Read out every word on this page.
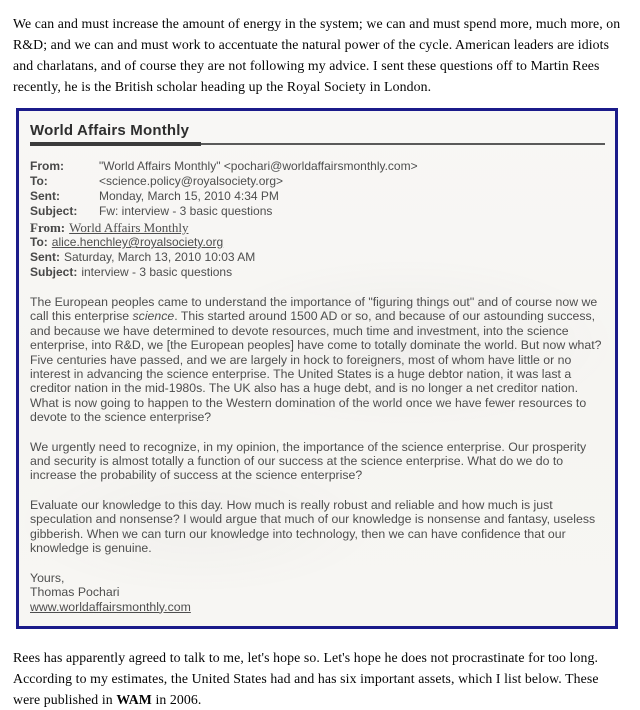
We can and must increase the amount of energy in the system; we can and must spend more, much more, on R&D; and we can and must work to accentuate the natural power of the cycle. American leaders are idiots and charlatans, and of course they are not following my advice. I sent these questions off to Martin Rees recently, he is the British scholar heading up the Royal Society in London.

World Affairs Monthly
From:	"World Affairs Monthly" <pochari@worldaffairsmonthly.com>
To:	<science.policy@royalsociety.org>
Sent:	Monday, March 15, 2010 4:34 PM
Subject: Fw: interview - 3 basic questions
From: World Affairs Monthly
To: alice.henchley@royalsociety.org
Sent: Saturday, March 13, 2010 10:03 AM
Subject: interview - 3 basic questions

The European peoples came to understand the importance of "figuring things out" and of course now we call this enterprise science. This started around 1500 AD or so, and because of our astounding success, and because we have determined to devote resources, much time and investment, into the science enterprise, into R&D, we [the European peoples] have come to totally dominate the world. But now what? Five centuries have passed, and we are largely in hock to foreigners, most of whom have little or no interest in advancing the science enterprise. The United States is a huge debtor nation, it was last a creditor nation in the mid-1980s. The UK also has a huge debt, and is no longer a net creditor nation. What is now going to happen to the Western domination of the world once we have fewer resources to devote to the science enterprise?

We urgently need to recognize, in my opinion, the importance of the science enterprise. Our prosperity and security is almost totally a function of our success at the science enterprise. What do we do to increase the probability of success at the science enterprise?

Evaluate our knowledge to this day. How much is really robust and reliable and how much is just speculation and nonsense? I would argue that much of our knowledge is nonsense and fantasy, useless gibberish. When we can turn our knowledge into technology, then we can have confidence that our knowledge is genuine.

Yours,
Thomas Pochari
www.worldaffairsmonthly.com

Rees has apparently agreed to talk to me, let's hope so. Let's hope he does not procrastinate for too long. According to my estimates, the United States had and has six important assets, which I list below. These were published in WAM in 2006.
